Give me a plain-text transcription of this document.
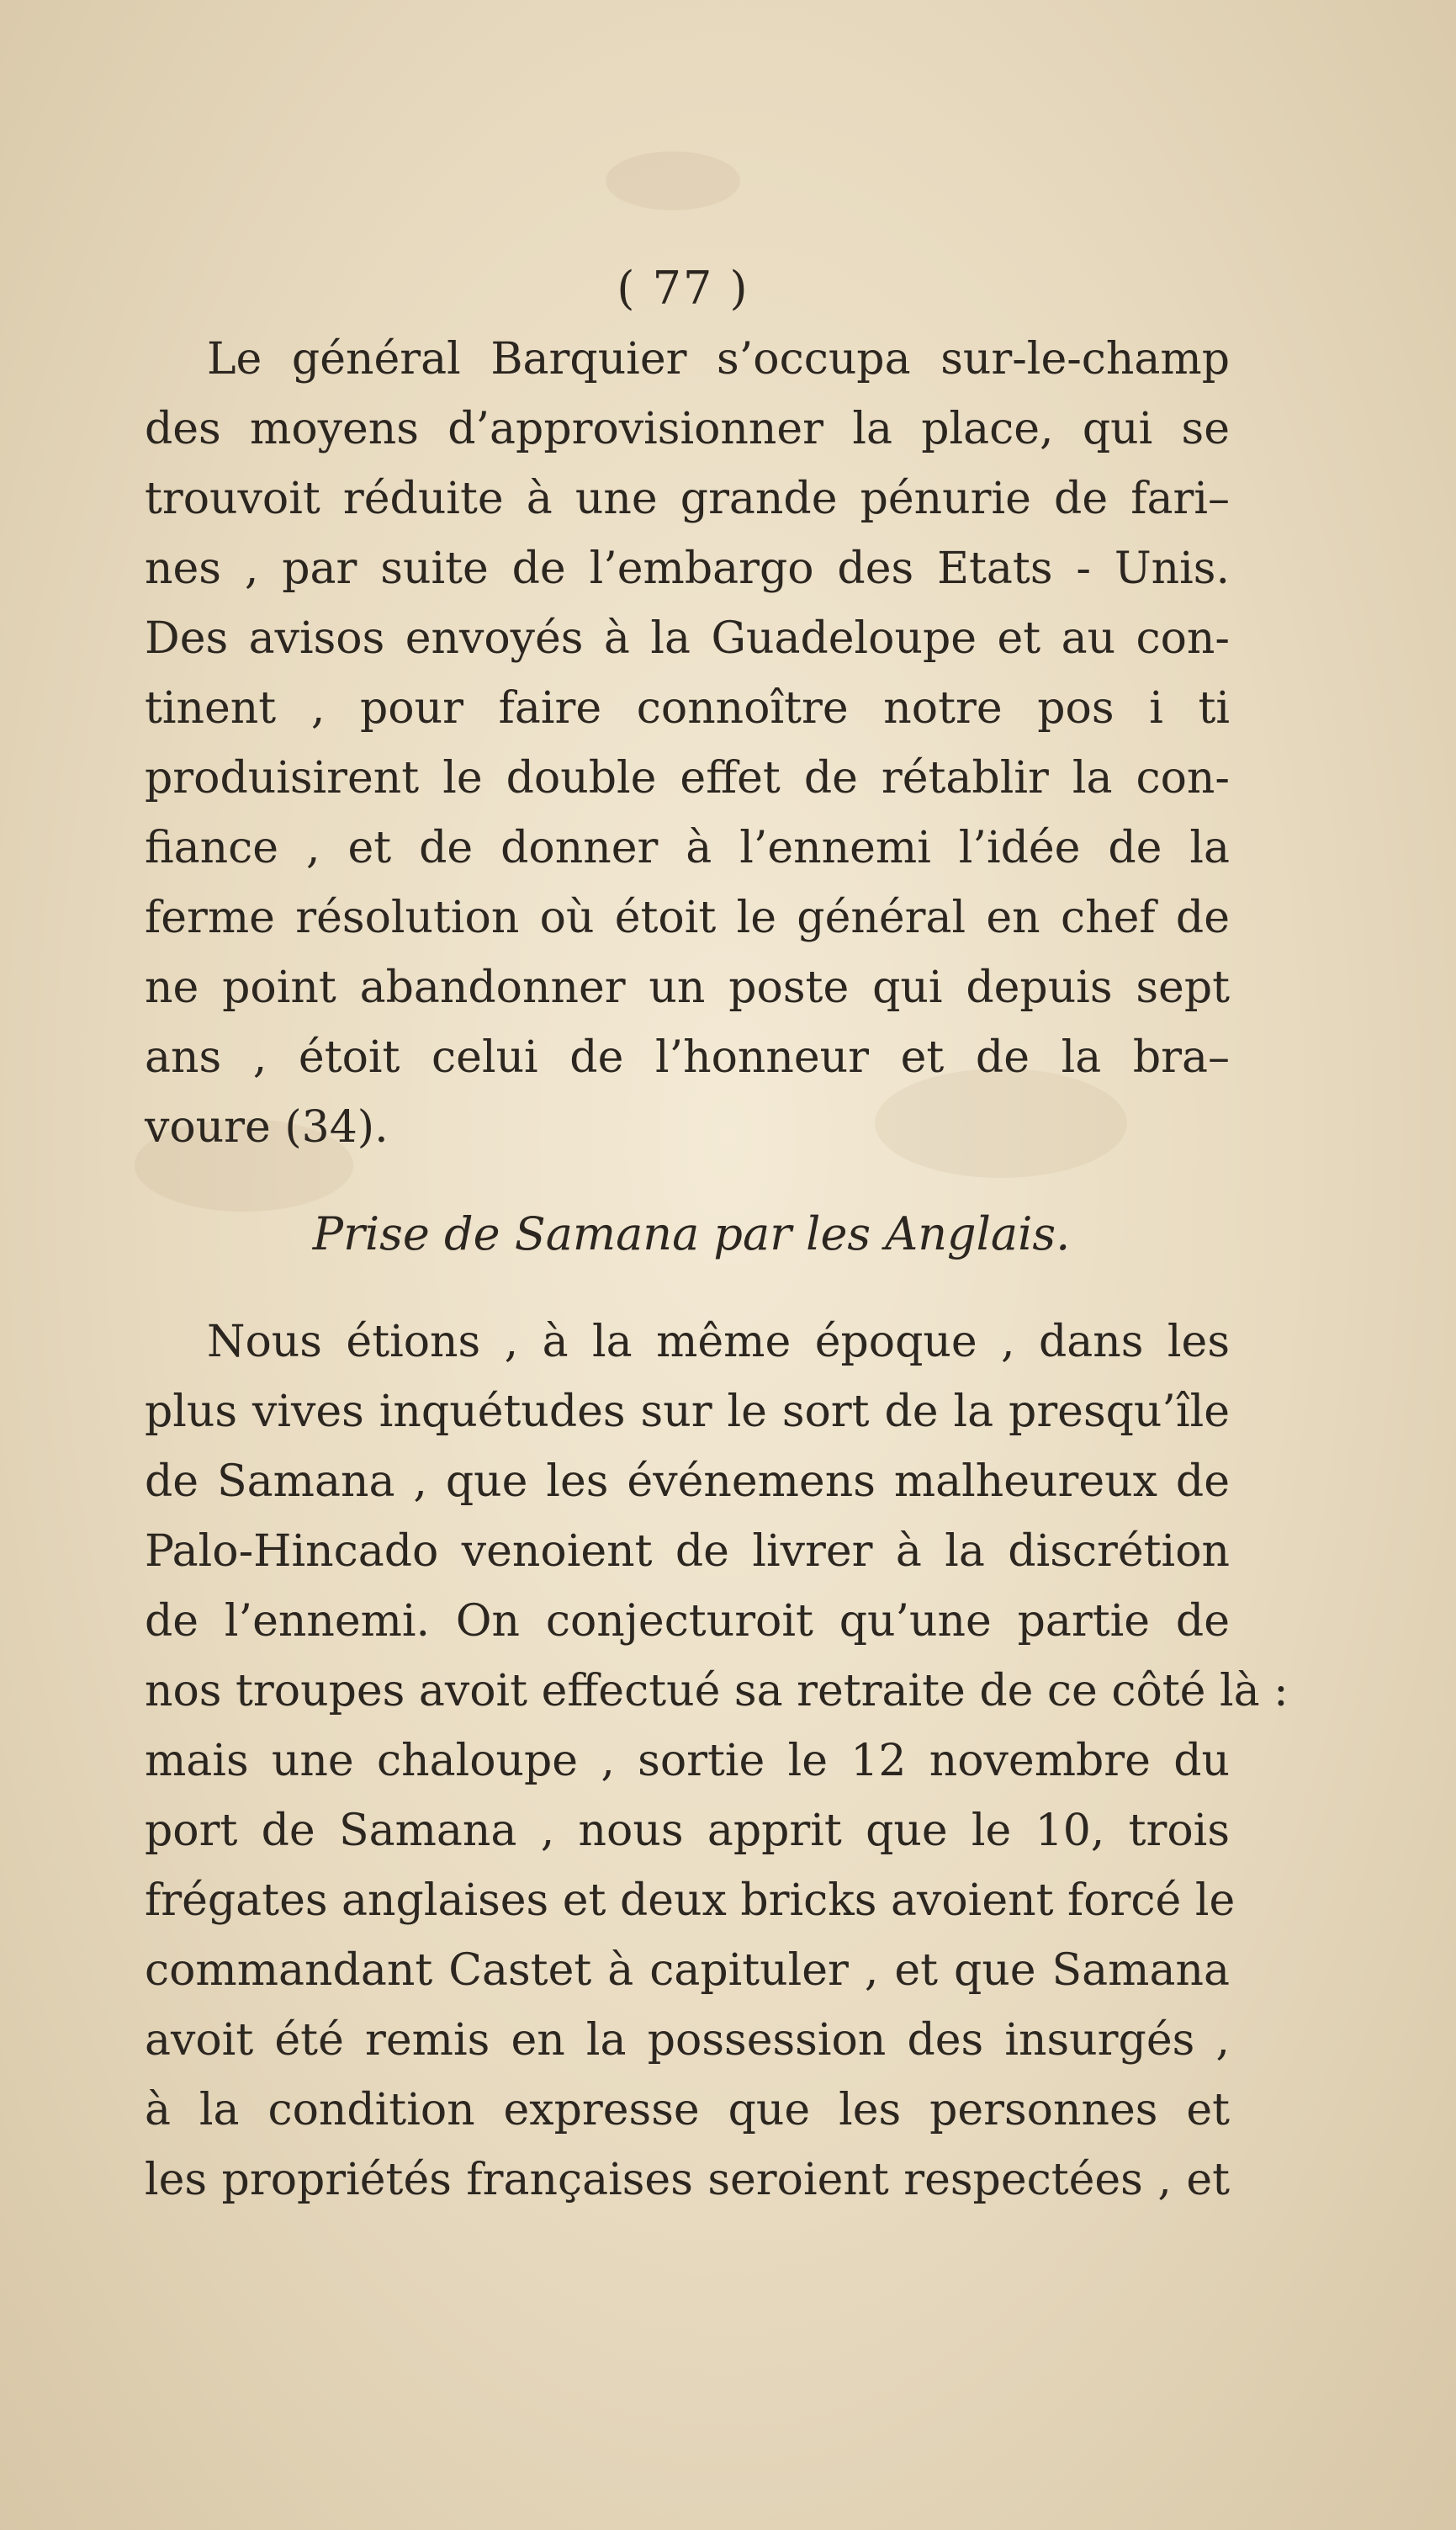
( 77 )

Le général Barquier s’occupa sur-le-champ
des moyens d’approvisionner la place, qui se
trouvoit réduite à une grande pénurie de fari–
nes , par suite de l’embargo des Etats - Unis.
Des avisos envoyés à la Guadeloupe et au con-
tinent , pour faire connoître notre pos i ti
produisirent le double effet de rétablir la con-
fiance , et de donner à l’ennemi l’idée de la
ferme résolution où étoit le général en chef de
ne point abandonner un poste qui depuis sept
ans , étoit celui de l’honneur et de la bra–
voure (34).

Prise de Samana par les Anglais.

Nous étions , à la même époque , dans les
plus vives inquétudes sur le sort de la presqu’île
de Samana , que les événemens malheureux de
Palo-Hincado venoient de livrer à la discrétion
de l’ennemi. On conjecturoit qu’une partie de
nos troupes avoit effectué sa retraite de ce côté là :
mais une chaloupe , sortie le 12 novembre du
port de Samana , nous apprit que le 10, trois
frégates anglaises et deux bricks avoient forcé le
commandant Castet à capituler , et que Samana
avoit été remis en la possession des insurgés ,
à la condition expresse que les personnes et
les propriétés françaises seroient respectées , et
